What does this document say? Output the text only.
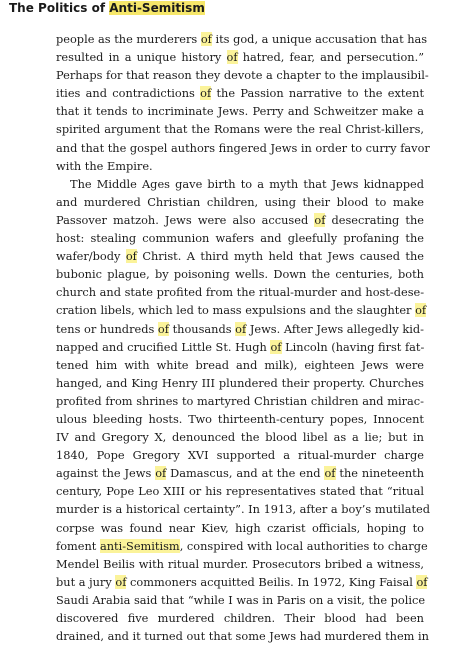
The Politics of Anti-Semitism
people as the murderers of its god, a unique accusation that has
resulted in a unique history of hatred, fear, and persecution.”
Perhaps for that reason they devote a chapter to the implausibil-
ities and contradictions of the Passion narrative to the extent
that it tends to incriminate Jews. Perry and Schweitzer make a
spirited argument that the Romans were the real Christ-killers,
and that the gospel authors fingered Jews in order to curry favor
with the Empire.
The Middle Ages gave birth to a myth that Jews kidnapped
and murdered Christian children, using their blood to make
Passover matzoh. Jews were also accused of desecrating the
host: stealing communion wafers and gleefully profaning the
wafer/body of Christ. A third myth held that Jews caused the
bubonic plague, by poisoning wells. Down the centuries, both
church and state profited from the ritual-murder and host-dese-
cration libels, which led to mass expulsions and the slaughter of
tens or hundreds of thousands of Jews. After Jews allegedly kid-
napped and crucified Little St. Hugh of Lincoln (having first fat-
tened him with white bread and milk), eighteen Jews were
hanged, and King Henry III plundered their property. Churches
profited from shrines to martyred Christian children and mirac-
ulous bleeding hosts. Two thirteenth-century popes, Innocent
IV and Gregory X, denounced the blood libel as a lie; but in
1840, Pope Gregory XVI supported a ritual-murder charge
against the Jews of Damascus, and at the end of the nineteenth
century, Pope Leo XIII or his representatives stated that “ritual
murder is a historical certainty”. In 1913, after a boy’s mutilated
corpse was found near Kiev, high czarist officials, hoping to
foment anti-Semitism, conspired with local authorities to charge
Mendel Beilis with ritual murder. Prosecutors bribed a witness,
but a jury of commoners acquitted Beilis. In 1972, King Faisal of
Saudi Arabia said that “while I was in Paris on a visit, the police
discovered five murdered children. Their blood had been
drained, and it turned out that some Jews had murdered them in
